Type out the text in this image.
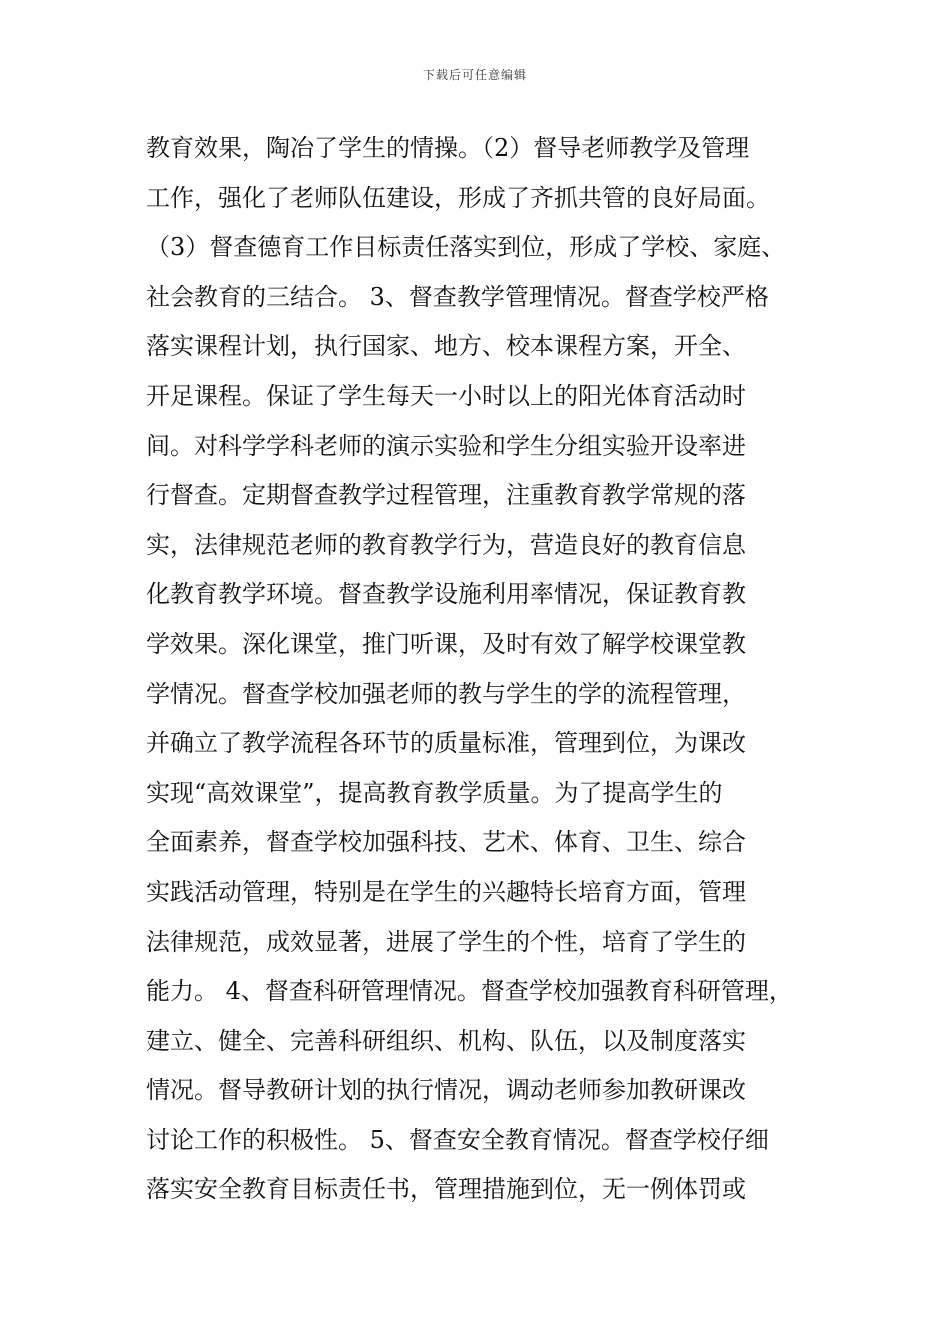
下载后可任意编辑
教育效果，陶冶了学生的情操。（2）督导老师教学及管理
工作，强化了老师队伍建设，形成了齐抓共管的良好局面。
（3）督查德育工作目标责任落实到位，形成了学校、家庭、
社会教育的三结合。 3、督查教学管理情况。督查学校严格
落实课程计划，执行国家、地方、校本课程方案，开全、
开足课程。保证了学生每天一小时以上的阳光体育活动时
间。对科学学科老师的演示实验和学生分组实验开设率进
行督查。定期督查教学过程管理，注重教育教学常规的落
实，法律规范老师的教育教学行为，营造良好的教育信息
化教育教学环境。督查教学设施利用率情况，保证教育教
学效果。深化课堂，推门听课，及时有效了解学校课堂教
学情况。督查学校加强老师的教与学生的学的流程管理，
并确立了教学流程各环节的质量标准，管理到位，为课改
实现“高效课堂”，提高教育教学质量。为了提高学生的
全面素养，督查学校加强科技、艺术、体育、卫生、综合
实践活动管理，特别是在学生的兴趣特长培育方面，管理
法律规范，成效显著，进展了学生的个性，培育了学生的
能力。 4、督查科研管理情况。督查学校加强教育科研管理，
建立、健全、完善科研组织、机构、队伍，以及制度落实
情况。督导教研计划的执行情况，调动老师参加教研课改
讨论工作的积极性。 5、督查安全教育情况。督查学校仔细
落实安全教育目标责任书，管理措施到位，无一例体罚或
